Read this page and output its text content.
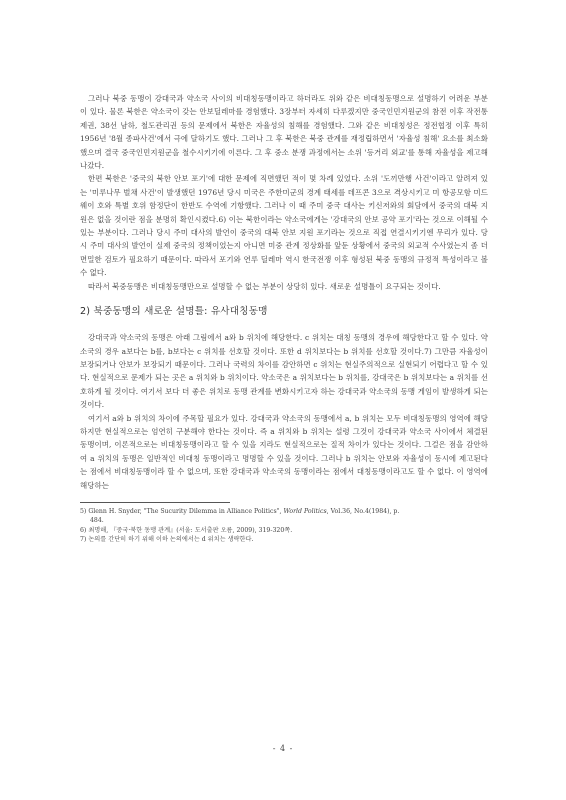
그러나 북중 동맹이 강대국과 약소국 사이의 비대칭동맹이라고 하더라도 위와 같은 비대칭동맹으로 설명하기 어려운 부분이 있다. 물론 북한은 약소국이 갖는 안보딜레마를 경험했다. 3장부터 자세히 다루겠지만 중국인민지원군의 참전 이후 작전통제권, 38선 남하, 철도관리권 등의 문제에서 북한은 자율성의 침해를 경험했다. 그와 같은 비대칭성은 정전협정 이후 특히 1956년 '8월 종파사건'에서 극에 달하기도 했다. 그러나 그 후 북한은 북중 관계를 재정립하면서 '자율성 침해' 요소를 최소화했으며 결국 중국인민지원군을 철수시키기에 이른다. 그 후 중소 분쟁 과정에서는 소위 '등거리 외교'를 통해 자율성을 제고해 나갔다.

한편 북한은 '중국의 북한 안보 포기'에 대한 문제에 직면했던 적이 몇 차례 있었다. 소위 '도끼만행 사건'이라고 알려져 있는 '미루나무 벌채 사건'이 발생했던 1976년 당시 미국은 주한미군의 경계 태세를 데프콘 3으로 격상시키고 미 항공모함 미드웨이 호와 특별 호위 함정단이 한반도 수역에 기항했다. 그러나 이 때 주미 중국 대사는 키신저와의 회담에서 중국의 대북 지원은 없을 것이란 점을 분명히 확인시켰다.6) 이는 북한이라는 약소국에게는 '강대국의 안보 공약 포기'라는 것으로 이해될 수 있는 부분이다. 그러나 당시 주미 대사의 발언이 중국의 대북 안보 지원 포기라는 것으로 직접 연결시키기엔 무리가 있다. 당시 주미 대사의 발언이 실제 중국의 정책이었는지 아니면 미중 관계 정상화를 앞둔 상황에서 중국의 외교적 수사였는지 좀 더 면밀한 검토가 필요하기 때문이다. 따라서 포기와 연루 딜레마 역시 한국전쟁 이후 형성된 북중 동맹의 규정적 특성이라고 볼 수 없다.

따라서 북중동맹은 비대칭동맹만으로 설명할 수 없는 부분이 상당히 있다. 새로운 설명틀이 요구되는 것이다.

2) 북중동맹의 새로운 설명틀: 유사대칭동맹

강대국과 약소국의 동맹은 아래 그림에서 a와 b 위치에 해당한다. c 위치는 대칭 동맹의 경우에 해당한다고 할 수 있다. 약소국의 경우 a보다는 b를, b보다는 c 위치를 선호할 것이다. 또한 d 위치보다는 b 위치를 선호할 것이다.7) 그만큼 자율성이 보장되거나 안보가 보장되기 때문이다. 그러나 국력의 차이를 감안하면 c 위치는 현실주의적으로 실현되기 어렵다고 할 수 있다. 현실적으로 문제가 되는 곳은 a 위치와 b 위치이다. 약소국은 a 위치보다는 b 위치를, 강대국은 b 위치보다는 a 위치를 선호하게 될 것이다. 여기서 보다 더 좋은 위치로 동맹 관계를 변화시키고자 하는 강대국과 약소국의 동맹 게임이 발생하게 되는 것이다.

여기서 a와 b 위치의 차이에 주목할 필요가 있다. 강대국과 약소국의 동맹에서 a, b 위치는 모두 비대칭동맹의 영역에 해당하지만 현실적으로는 엄연히 구분해야 한다는 것이다. 즉 a 위치와 b 위치는 설령 그것이 강대국과 약소국 사이에서 체결된 동맹이며, 이론적으로는 비대칭동맹이라고 할 수 있을 지라도 현실적으로는 질적 차이가 있다는 것이다. 그걸은 점을 감안하여 a 위치의 동맹은 일반적인 비대칭 동맹이라고 명명할 수 있을 것이다. 그러나 b 위치는 안보와 자율성이 동시에 제고된다는 점에서 비대칭동맹이라 할 수 없으며, 또한 강대국과 약소국의 동맹이라는 점에서 대칭동맹이라고도 할 수 없다. 이 영역에 해당하는

5) Glenn H. Snyder, "The Sucurity Dilemma in Alliance Politics", World Politics, Vol.36, No.4(1984), p.
484.

6) 최명해, 『중국·북한 동맹 관계』(서울: 도서출판 오름, 2009), 319-320쪽.

7) 논의를 간단히 하기 위해 이하 논의에서는 d 위치는 생략한다.

- 4 -
